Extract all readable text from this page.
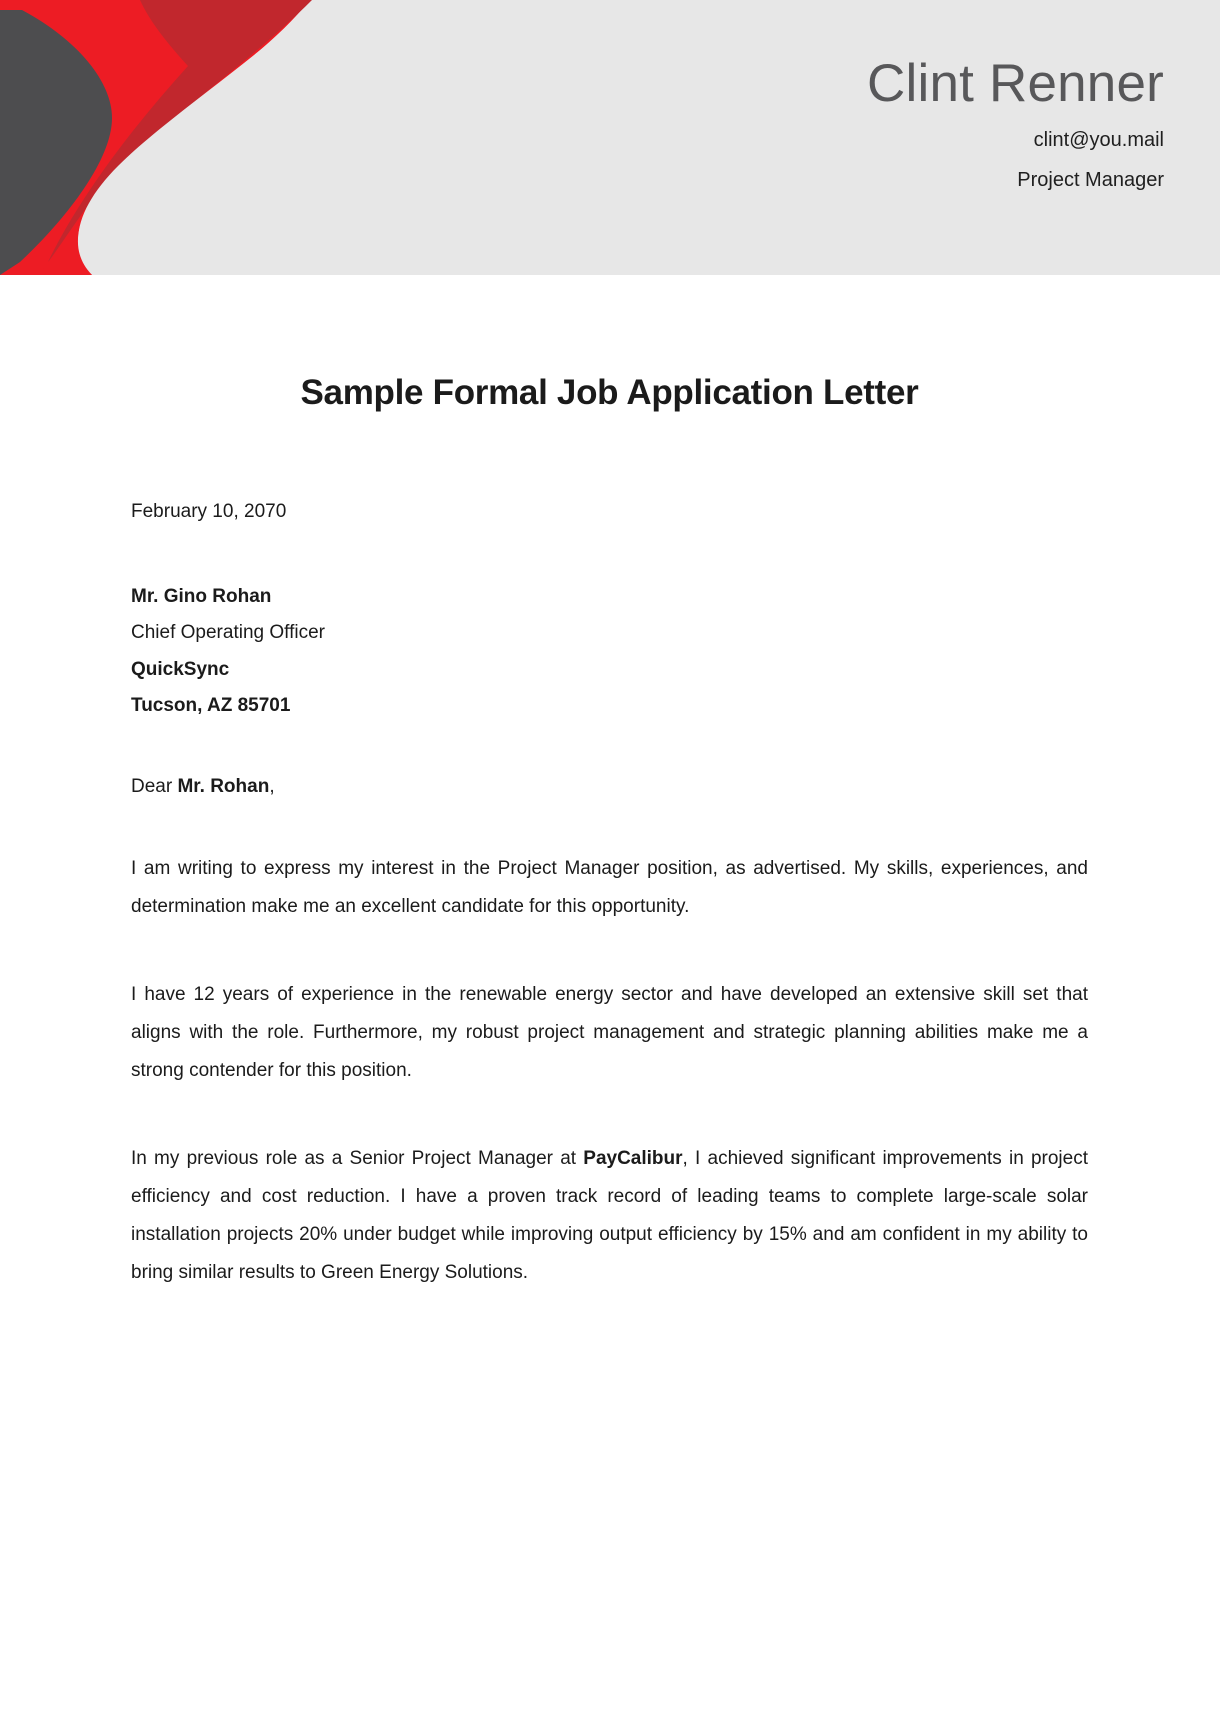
Clint Renner
clint@you.mail
Project Manager
Sample Formal Job Application Letter

February 10, 2070

Mr. Gino Rohan

Chief Operating Officer

QuickSync

Tucson, AZ 85701

Dear Mr. Rohan,

I am writing to express my interest in the Project Manager position, as advertised. My skills, experiences, and determination make me an excellent candidate for this opportunity.

I have 12 years of experience in the renewable energy sector and have developed an extensive skill set that aligns with the role. Furthermore, my robust project management and strategic planning abilities make me a strong contender for this position.

In my previous role as a Senior Project Manager at PayCalibur, I achieved significant improvements in project efficiency and cost reduction. I have a proven track record of leading teams to complete large-scale solar installation projects 20% under budget while improving output efficiency by 15% and am confident in my ability to bring similar results to Green Energy Solutions.
